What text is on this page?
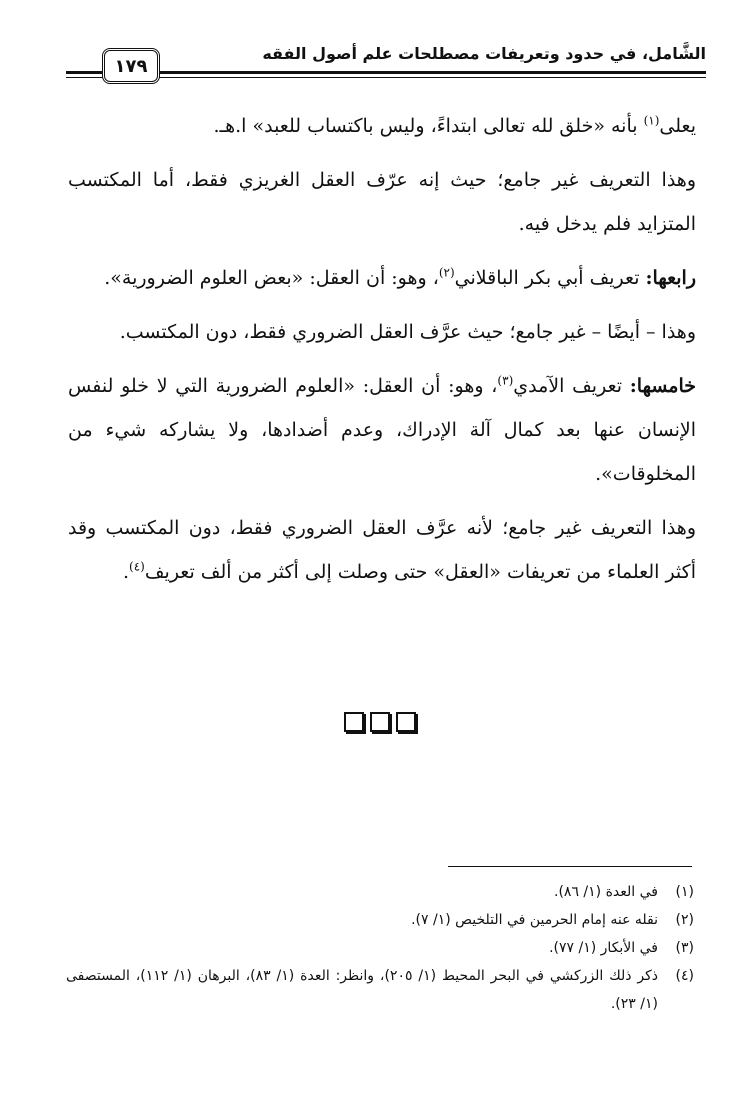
الشَّامل، في حدود وتعريفات مصطلحات علم أصول الفقه
١٧٩

يعلى$^{(١)}$ بأنه «خلق لله تعالى ابتداءً، وليس باكتساب للعبد» ا.هـ.

وهذا التعريف غير جامع؛ حيث إنه عرّف العقل الغريزي فقط، أما المكتسب المتزايد فلم يدخل فيه.

رابعها: تعريف أبي بكر الباقلاني$^{(٢)}$، وهو: أن العقل: «بعض العلوم الضرورية».

وهذا – أيضًا – غير جامع؛ حيث عرَّف العقل الضروري فقط، دون المكتسب.

خامسها: تعريف الآمدي$^{(٣)}$، وهو: أن العقل: «العلوم الضرورية التي لا خلو لنفس الإنسان عنها بعد كمال آلة الإدراك، وعدم أضدادها، ولا يشاركه شيء من المخلوقات».

وهذا التعريف غير جامع؛ لأنه عرَّف العقل الضروري فقط، دون المكتسب وقد أكثر العلماء من تعريفات «العقل» حتى وصلت إلى أكثر من ألف تعريف$^{(٤)}$.

(١)
في العدة (١/ ٨٦).
(٢)
نقله عنه إمام الحرمين في التلخيص (١/ ٧).
(٣)
في الأبكار (١/ ٧٧).
(٤)
ذكر ذلك الزركشي في البحر المحيط (١/ ٢٠٥)، وانظر: العدة (١/ ٨٣)، البرهان (١/ ١١٢)، المستصفى (١/ ٢٣).
